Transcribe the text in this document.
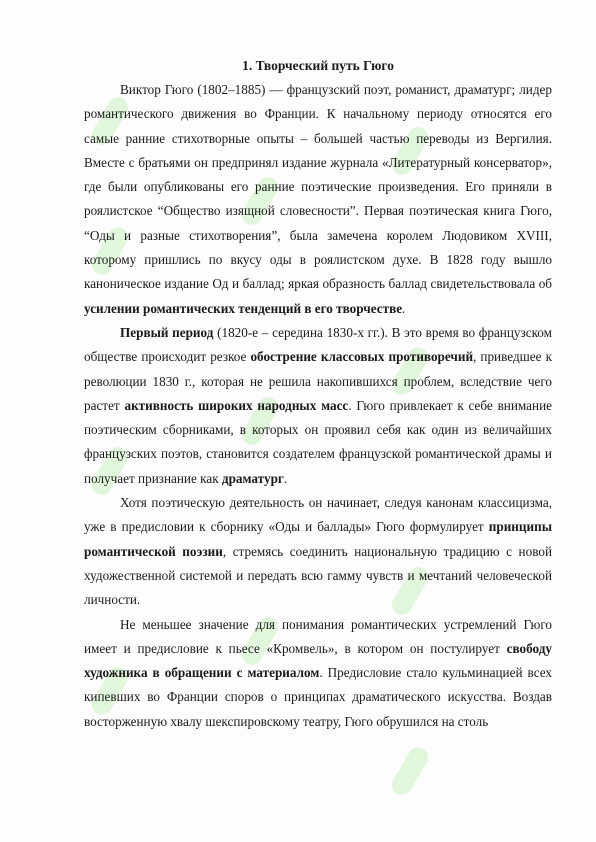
1. Творческий путь Гюго

Виктор Гюго (1802–1885) — французский поэт, романист, драматург; лидер романтического движения во Франции. К начальному периоду относятся его самые ранние стихотворные опыты – большей частью переводы из Вергилия. Вместе с братьями он предпринял издание журнала «Литературный консерватор», где были опубликованы его ранние поэтические произведения. Его приняли в роялистское “Общество изящной словесности”. Первая поэтическая книга Гюго, “Оды и разные стихотворения”, была замечена королем Людовиком XVIII, которому пришлись по вкусу оды в роялистском духе. В 1828 году вышло каноническое издание Од и баллад; яркая образность баллад свидетельствовала об усилении романтических тенденций в его творчестве.

Первый период (1820-е – середина 1830-х гг.). В это время во французском обществе происходит резкое обострение классовых противоречий, приведшее к революции 1830 г., которая не решила накопившихся проблем, вследствие чего растет активность широких народных масс. Гюго привлекает к себе внимание поэтическим сборниками, в которых он проявил себя как один из величайших французских поэтов, становится создателем французской романтической драмы и получает признание как драматург.

Хотя поэтическую деятельность он начинает, следуя канонам классицизма, уже в предисловии к сборнику «Оды и баллады» Гюго формулирует принципы романтической поэзии, стремясь соединить национальную традицию с новой художественной системой и передать всю гамму чувств и мечтаний человеческой личности.

Не меньшее значение для понимания романтических устремлений Гюго имеет и предисловие к пьесе «Кромвель», в котором он постулирует свободу художника в обращении с материалом. Предисловие стало кульминацией всех кипевших во Франции споров о принципах драматического искусства. Воздав восторженную хвалу шекспировскому театру, Гюго обрушился на столь
